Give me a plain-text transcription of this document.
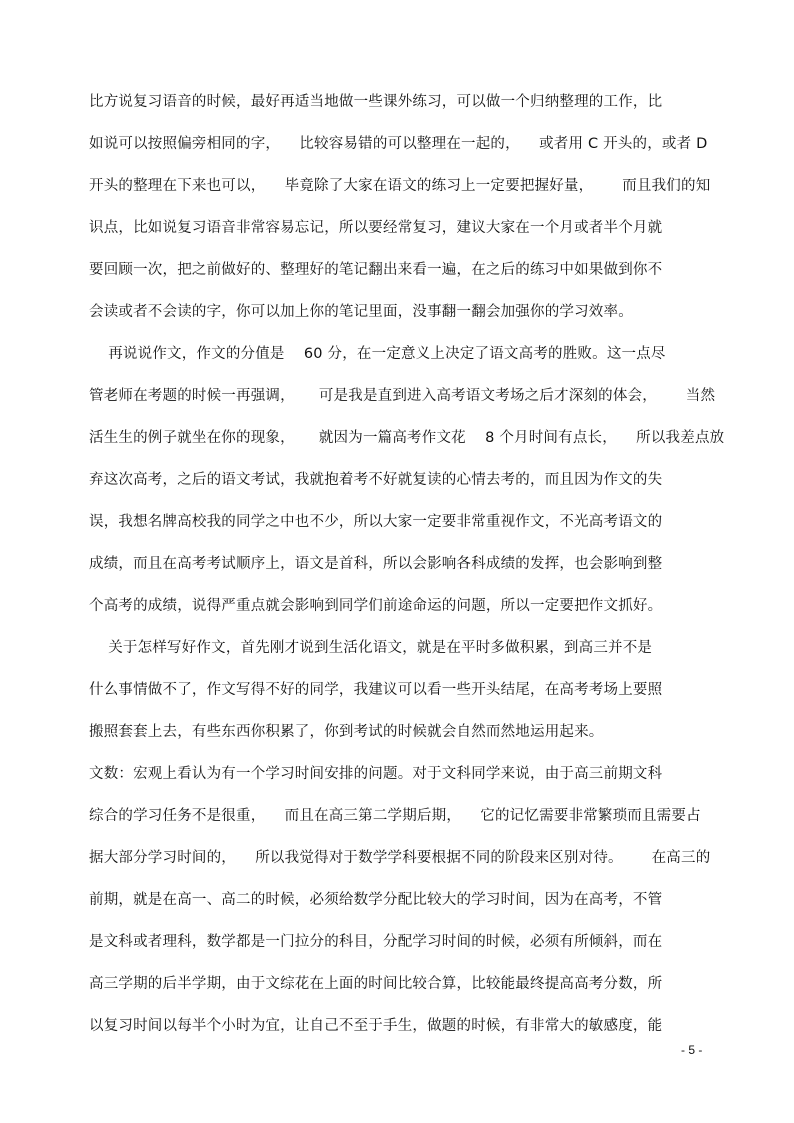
比方说复习语音的时候，最好再适当地做一些课外练习，可以做一个归纳整理的工作，比
如说可以按照偏旁相同的字，    比较容易错的可以整理在一起的，    或者用 C 开头的，或者 D
开头的整理在下来也可以，    毕竟除了大家在语文的练习上一定要把握好量，      而且我们的知
识点，比如说复习语音非常容易忘记，所以要经常复习，建议大家在一个月或者半个月就
要回顾一次，把之前做好的、整理好的笔记翻出来看一遍，在之后的练习中如果做到你不
会读或者不会读的字，你可以加上你的笔记里面，没事翻一翻会加强你的学习效率。
再说说作文，作文的分值是    60 分，在一定意义上决定了语文高考的胜败。这一点尽
管老师在考题的时候一再强调，     可是我是直到进入高考语文考场之后才深刻的体会，      当然
活生生的例子就坐在你的现象，     就因为一篇高考作文花    8 个月时间有点长，    所以我差点放
弃这次高考，之后的语文考试，我就抱着考不好就复读的心情去考的，而且因为作文的失
误，我想名牌高校我的同学之中也不少，所以大家一定要非常重视作文，不光高考语文的
成绩，而且在高考考试顺序上，语文是首科，所以会影响各科成绩的发挥，也会影响到整
个高考的成绩，说得严重点就会影响到同学们前途命运的问题，所以一定要把作文抓好。
关于怎样写好作文，首先刚才说到生活化语文，就是在平时多做积累，到高三并不是
什么事情做不了，作文写得不好的同学，我建议可以看一些开头结尾，在高考考场上要照
搬照套套上去，有些东西你积累了，你到考试的时候就会自然而然地运用起来。
文数：宏观上看认为有一个学习时间安排的问题。对于文科同学来说，由于高三前期文科
综合的学习任务不是很重，    而且在高三第二学期后期，    它的记忆需要非常繁琐而且需要占
据大部分学习时间的，    所以我觉得对于数学学科要根据不同的阶段来区别对待。      在高三的
前期，就是在高一、高二的时候，必须给数学分配比较大的学习时间，因为在高考，不管
是文科或者理科，数学都是一门拉分的科目，分配学习时间的时候，必须有所倾斜，而在
高三学期的后半学期，由于文综花在上面的时间比较合算，比较能最终提高高考分数，所
以复习时间以每半个小时为宜，让自己不至于手生，做题的时候，有非常大的敏感度，能
- 5 -
